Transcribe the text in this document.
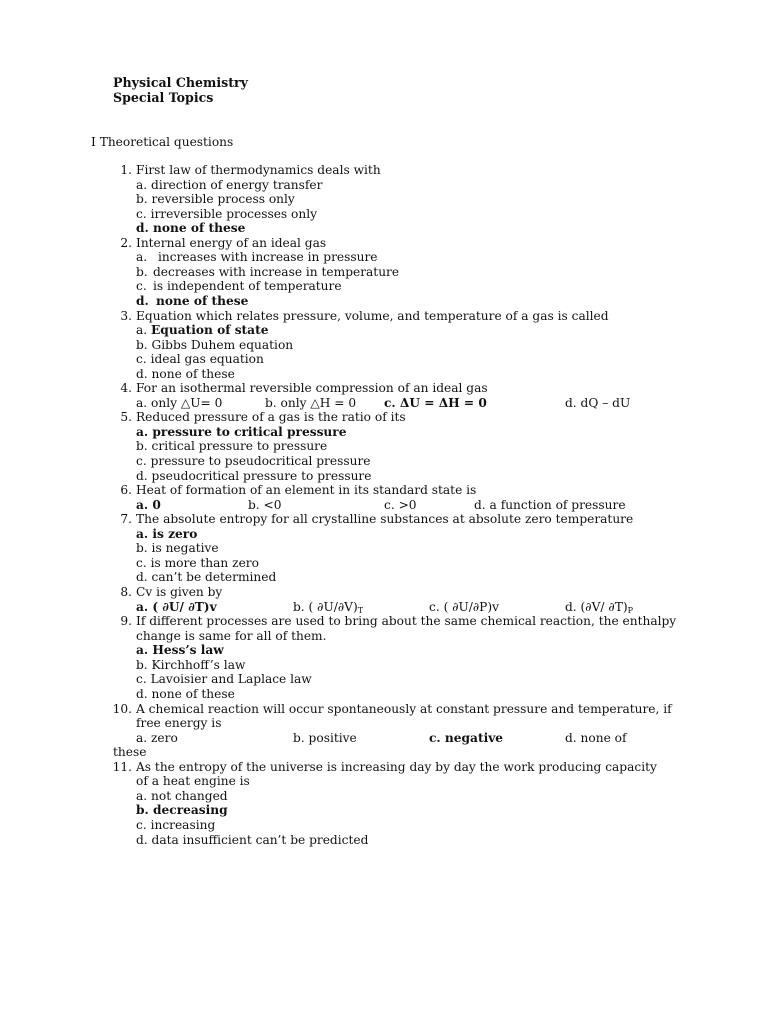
Physical Chemistry
Special Topics
I Theoretical questions
1. First law of thermodynamics deals with
a. direction of energy transfer
b. reversible process only
c. irreversible processes only
d. none of these
2. Internal energy of an ideal gas
a. increases with increase in pressure
b. decreases with increase in temperature
c. is independent of temperature
d. none of these
3. Equation which relates pressure, volume, and temperature of a gas is called
a. Equation of state
b. Gibbs Duhem equation
c. ideal gas equation
d. none of these
4. For an isothermal reversible compression of an ideal gas
a. only △U= 0	b. only △H = 0 c. ΔU = ΔH = 0	d. dQ – dU
5. Reduced pressure of a gas is the ratio of its
a. pressure to critical pressure
b. critical pressure to pressure
c. pressure to pseudocritical pressure
d. pseudocritical pressure to pressure
6. Heat of formation of an element in its standard state is
a. 0	b. <0	c. >0	d. a function of pressure
7. The absolute entropy for all crystalline substances at absolute zero temperature
a. is zero
b. is negative
c. is more than zero
d. can’t be determined
8. Cv is given by
a. ( ∂U/ ∂T)v	b. ( ∂U/∂V)T	c. ( ∂U/∂P)v	d. (∂V/ ∂T)P
9. If different processes are used to bring about the same chemical reaction, the enthalpy
change is same for all of them.
a. Hess’s law
b. Kirchhoff’s law
c. Lavoisier and Laplace law
d. none of these
10. A chemical reaction will occur spontaneously at constant pressure and temperature, if
free energy is
a. zero	b. positive	c. negative	d. none of
these
11. As the entropy of the universe is increasing day by day the work producing capacity
of a heat engine is
a. not changed
b. decreasing
c. increasing
d. data insufficient can’t be predicted
